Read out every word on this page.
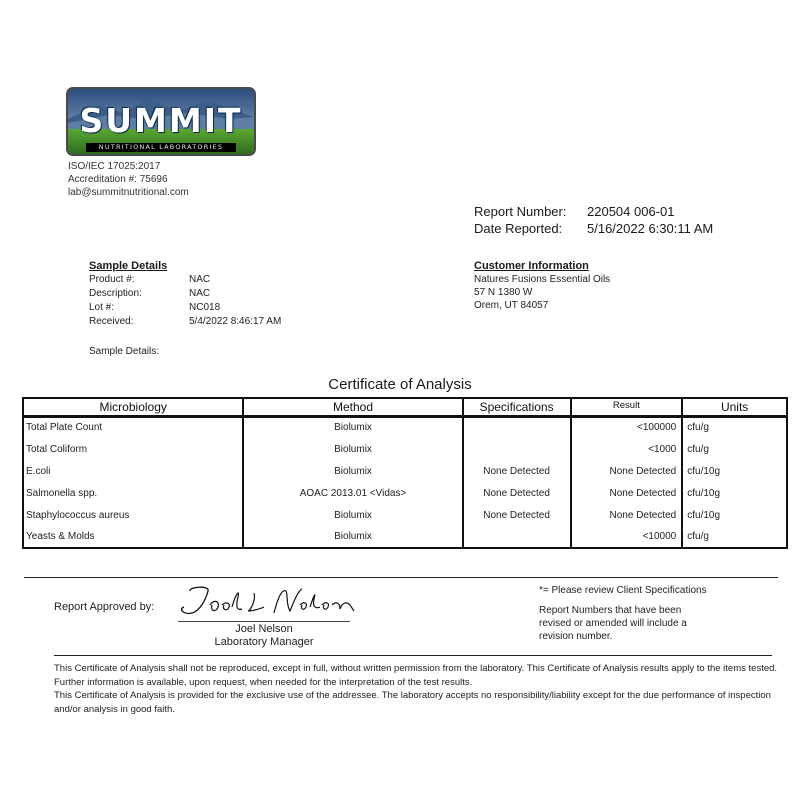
SUMMIT
NUTRITIONAL LABORATORIES
ISO/IEC 17025:2017
Accreditation #: 75696
lab@summitnutritional.com
Report Number:	220504 006-01
Date Reported:	5/16/2022 6:30:11 AM
Sample Details
Product #:	NAC
Description:	NAC
Lot #:	NC018
Received:	5/4/2022 8:46:17 AM
Sample Details:
Customer Information
Natures Fusions Essential Oils
57 N 1380 W
Orem, UT 84057
Certificate of Analysis
Microbiology	Method	Specifications	Result	Units
Total Plate Count	Biolumix		<100000	cfu/g
Total Coliform	Biolumix		<1000	cfu/g
E.coli	Biolumix	None Detected	None Detected	cfu/10g
Salmonella spp.	AOAC 2013.01 <Vidas>	None Detected	None Detected	cfu/10g
Staphylococcus aureus	Biolumix	None Detected	None Detected	cfu/10g
Yeasts & Molds	Biolumix		<10000	cfu/g
Report Approved by:
Joel Nelson
Laboratory Manager
*= Please review Client Specifications
Report Numbers that have been
revised or amended will include a
revision number.
This Certificate of Analysis shall not be reproduced, except in full, without written permission from the laboratory. This Certificate of Analysis results apply to the items tested. Further information is available, upon request, when needed for the interpretation of the test results.
This Certificate of Analysis is provided for the exclusive use of the addressee. The laboratory accepts no responsibility/liability except for the due performance of inspection and/or analysis in good faith.
